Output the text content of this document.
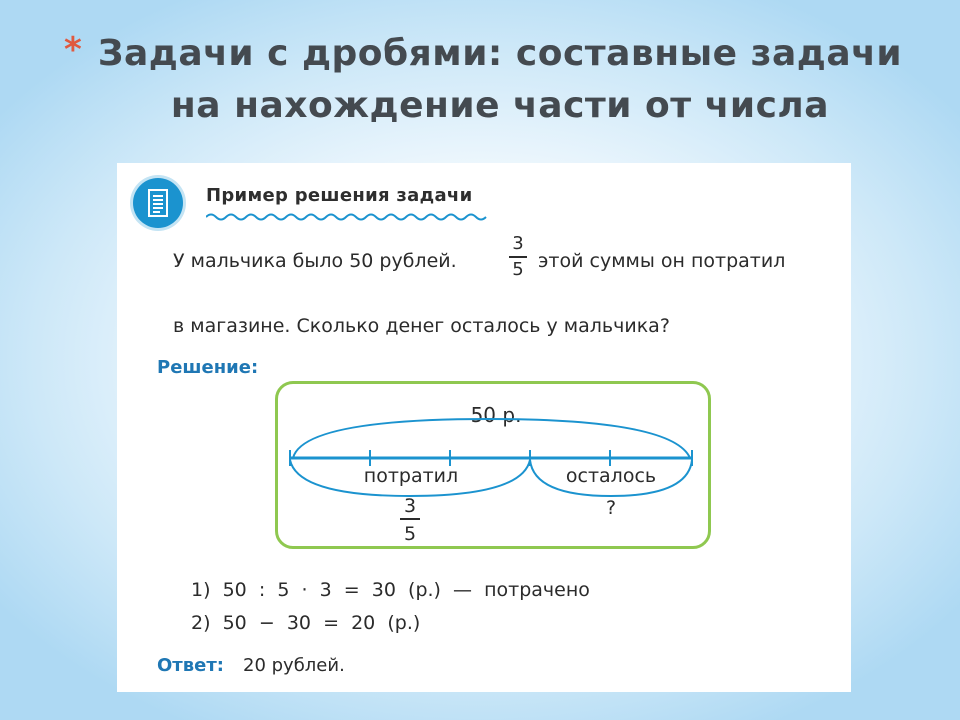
* Задачи с дробями: составные задачи
на нахождение части от числа
Пример решения задачи
У мальчика было 50 рублей.
3
5 этой суммы он потратил
в магазине. Сколько денег осталось у мальчика?
Решение:
50 р.
потратил	осталось
3
5
?
1)  50  :  5  ·  3  =  30  (р.)  —  потрачено
2)  50  −  30  =  20  (р.)
Ответ: 20 рублей.
